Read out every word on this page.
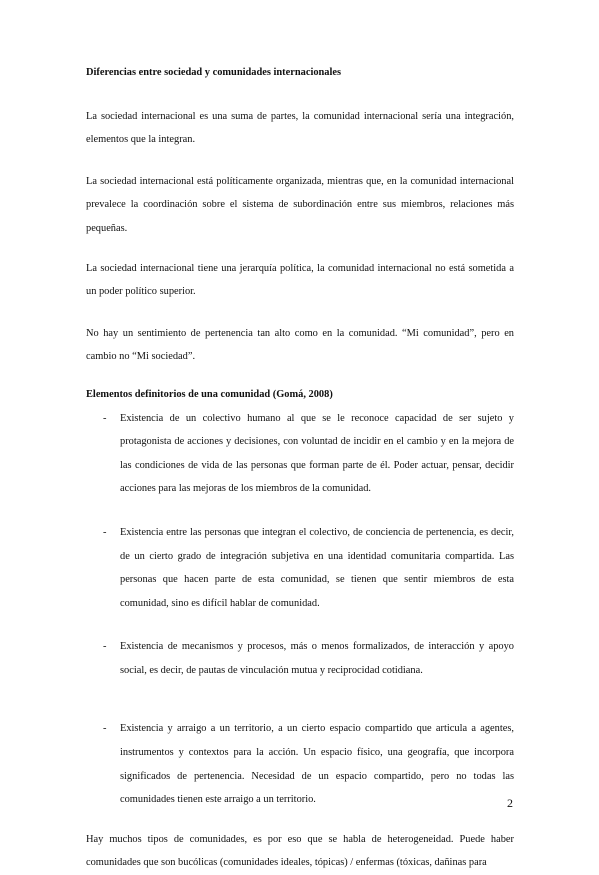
Diferencias entre sociedad y comunidades internacionales

La sociedad internacional es una suma de partes, la comunidad internacional sería una integración, elementos que la integran.

La sociedad internacional está políticamente organizada, mientras que, en la comunidad internacional prevalece la coordinación sobre el sistema de subordinación entre sus miembros, relaciones más pequeñas.

La sociedad internacional tiene una jerarquía política, la comunidad internacional no está sometida a un poder político superior.

No hay un sentimiento de pertenencia tan alto como en la comunidad. “Mi comunidad”, pero en cambio no “Mi sociedad”.

Elementos definitorios de una comunidad (Gomá, 2008)
- Existencia de un colectivo humano al que se le reconoce capacidad de ser sujeto y protagonista de acciones y decisiones, con voluntad de incidir en el cambio y en la mejora de las condiciones de vida de las personas que forman parte de él. Poder actuar, pensar, decidir acciones para las mejoras de los miembros de la comunidad.
- Existencia entre las personas que integran el colectivo, de conciencia de pertenencia, es decir, de un cierto grado de integración subjetiva en una identidad comunitaria compartida. Las personas que hacen parte de esta comunidad, se tienen que sentir miembros de esta comunidad, sino es difícil hablar de comunidad.
- Existencia de mecanismos y procesos, más o menos formalizados, de interacción y apoyo social, es decir, de pautas de vinculación mutua y reciprocidad cotidiana.
- Existencia y arraigo a un territorio, a un cierto espacio compartido que articula a agentes, instrumentos y contextos para la acción. Un espacio físico, una geografía, que incorpora significados de pertenencia. Necesidad de un espacio compartido, pero no todas las comunidades tienen este arraigo a un territorio.

Hay muchos tipos de comunidades, es por eso que se habla de heterogeneidad. Puede haber comunidades que son bucólicas (comunidades ideales, tópicas) / enfermas (tóxicas, dañinas para

2
